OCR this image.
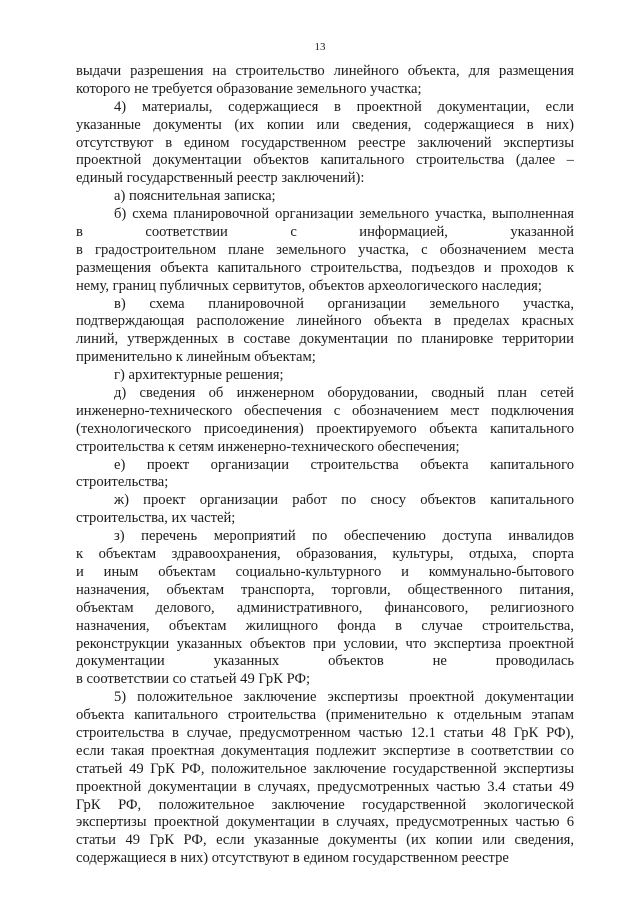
13
выдачи разрешения на строительство линейного объекта, для размещения
которого не требуется образование земельного участка;
4) материалы, содержащиеся в проектной документации, если
указанные документы (их копии или сведения, содержащиеся в них)
отсутствуют в едином государственном реестре заключений экспертизы
проектной документации объектов капитального строительства (далее –
единый государственный реестр заключений):
а) пояснительная записка;
б) схема планировочной организации земельного участка, выполненная
в соответствии с информацией, указанной
в градостроительном плане земельного участка, с обозначением места
размещения объекта капитального строительства, подъездов и проходов к
нему, границ публичных сервитутов, объектов археологического наследия;
в) схема планировочной организации земельного участка,
подтверждающая расположение линейного объекта в пределах красных
линий, утвержденных в составе документации по планировке территории
применительно к линейным объектам;
г) архитектурные решения;
д) сведения об инженерном оборудовании, сводный план сетей
инженерно-технического обеспечения с обозначением мест подключения
(технологического присоединения) проектируемого объекта капитального
строительства к сетям инженерно-технического обеспечения;
е) проект организации строительства объекта капитального
строительства;
ж) проект организации работ по сносу объектов капитального
строительства, их частей;
з) перечень мероприятий по обеспечению доступа инвалидов
к объектам здравоохранения, образования, культуры, отдыха, спорта
и иным объектам социально-культурного и коммунально-бытового
назначения, объектам транспорта, торговли, общественного питания,
объектам делового, административного, финансового, религиозного
назначения, объектам жилищного фонда в случае строительства,
реконструкции указанных объектов при условии, что экспертиза проектной
документации указанных объектов не проводилась
в соответствии со статьей 49 ГрК РФ;
5) положительное заключение экспертизы проектной документации
объекта капитального строительства (применительно к отдельным этапам
строительства в случае, предусмотренном частью 12.1 статьи 48 ГрК РФ),
если такая проектная документация подлежит экспертизе в соответствии со
статьей 49 ГрК РФ, положительное заключение государственной экспертизы
проектной документации в случаях, предусмотренных частью 3.4 статьи 49
ГрК РФ, положительное заключение государственной экологической
экспертизы проектной документации в случаях, предусмотренных частью 6
статьи 49 ГрК РФ, если указанные документы (их копии или сведения,
содержащиеся в них) отсутствуют в едином государственном реестре
